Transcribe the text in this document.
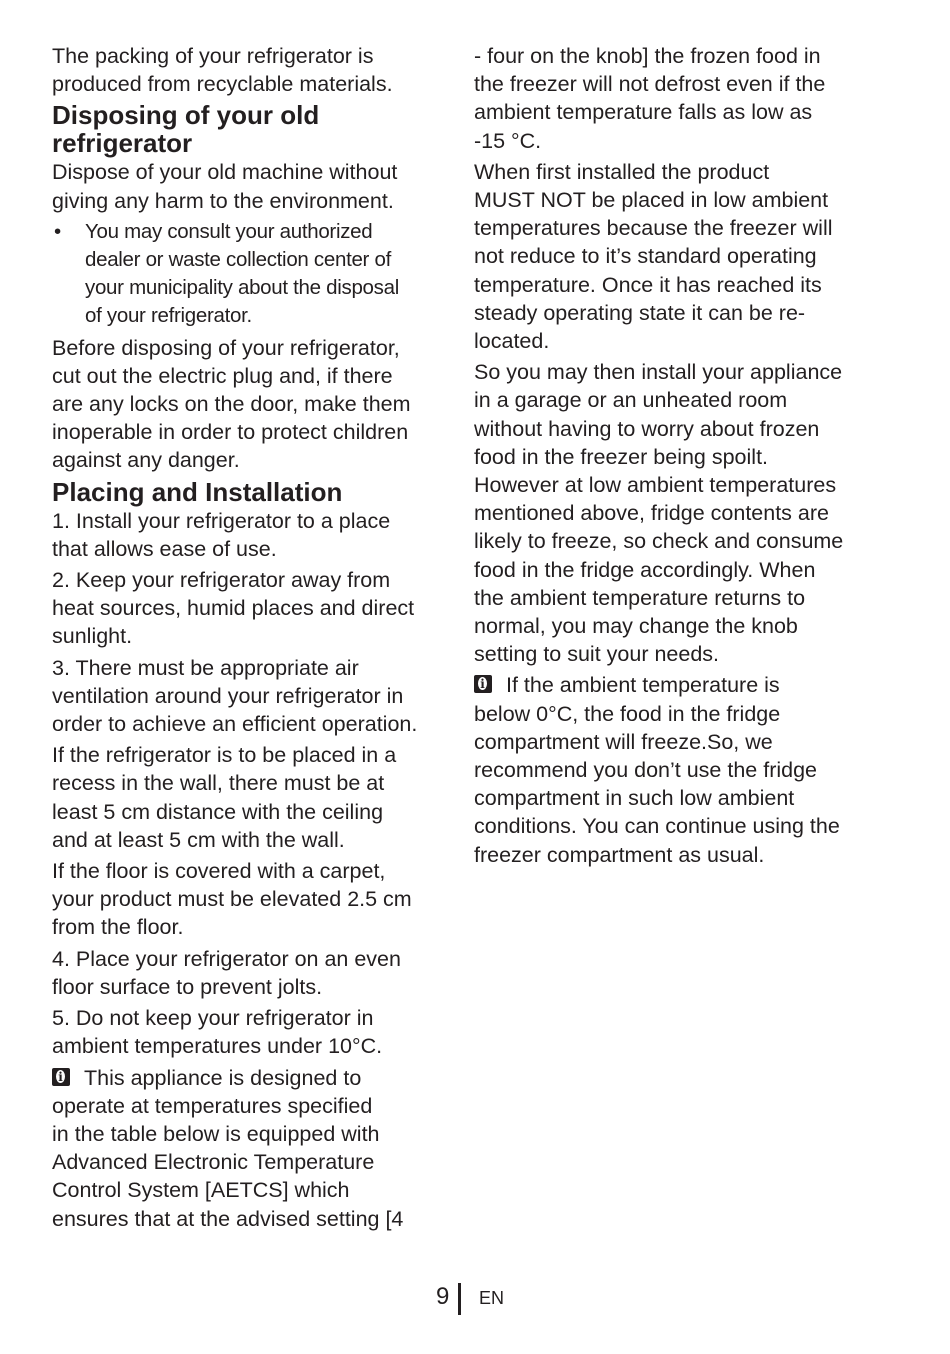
The packing of your refrigerator is
produced from recyclable materials.
Disposing of your old
refrigerator
Dispose of your old machine without
giving any harm to the environment.
• You may consult your authorized
dealer or waste collection center of
your municipality about the disposal
of your refrigerator.
Before disposing of your refrigerator,
cut out the electric plug and, if there
are any locks on the door, make them
inoperable in order to protect children
against any danger.
Placing and Installation
1. Install your refrigerator to a place
that allows ease of use.
2. Keep your refrigerator away from
heat sources, humid places and direct
sunlight.
3. There must be appropriate air
ventilation around your refrigerator in
order to achieve an efficient operation.
If the refrigerator is to be placed in a
recess in the wall, there must be at
least 5 cm distance with the ceiling
and at least 5 cm with the wall.
If the floor is covered with a carpet,
your product must be elevated 2.5 cm
from the floor.
4. Place your refrigerator on an even
floor surface to prevent jolts.
5. Do not keep your refrigerator in
ambient temperatures under 10°C.
iThis appliance is designed to
operate at temperatures specified
in the table below is equipped with
Advanced Electronic Temperature
Control System [AETCS] which
ensures that at the advised setting [4
- four on the knob] the frozen food in
the freezer will not defrost even if the
ambient temperature falls as low as
-15 °C.
When first installed the product
MUST NOT be placed in low ambient
temperatures because the freezer will
not reduce to it’s standard operating
temperature. Once it has reached its
steady operating state it can be re-
located.
So you may then install your appliance
in a garage or an unheated room
without having to worry about frozen
food in the freezer being spoilt.
However at low ambient temperatures
mentioned above, fridge contents are
likely to freeze, so check and consume
food in the fridge accordingly. When
the ambient temperature returns to
normal, you may change the knob
setting to suit your needs.
iIf the ambient temperature is
below 0°C, the food in the fridge
compartment will freeze.So, we
recommend you don’t use the fridge
compartment in such low ambient
conditions. You can continue using the
freezer compartment as usual.
9 EN
